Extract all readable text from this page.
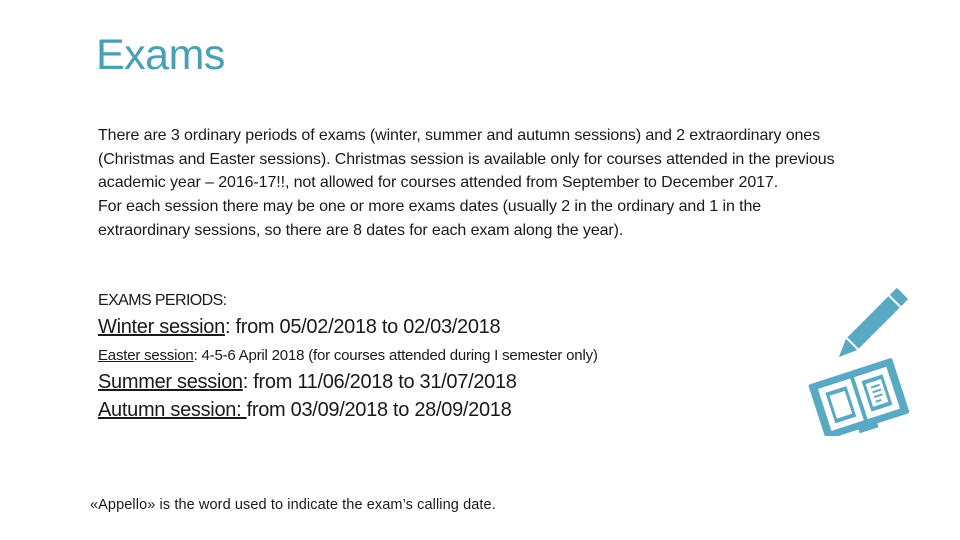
Exams

There are 3 ordinary periods of exams (winter, summer and autumn sessions) and 2 extraordinary ones (Christmas and Easter sessions). Christmas session is available only for courses attended in the previous academic year – 2016-17!!, not allowed for courses attended from September to December 2017.

For each session there may be one or more exams dates (usually 2 in the ordinary and 1 in the extraordinary sessions, so there are 8 dates for each exam along the year).

EXAMS PERIODS:

Winter session: from 05/02/2018 to 02/03/2018

Easter session: 4-5-6 April 2018 (for courses attended during I semester only)

Summer session: from 11/06/2018 to 31/07/2018

Autumn session: from 03/09/2018 to 28/09/2018

«Appello» is the word used to indicate the exam’s calling date.
